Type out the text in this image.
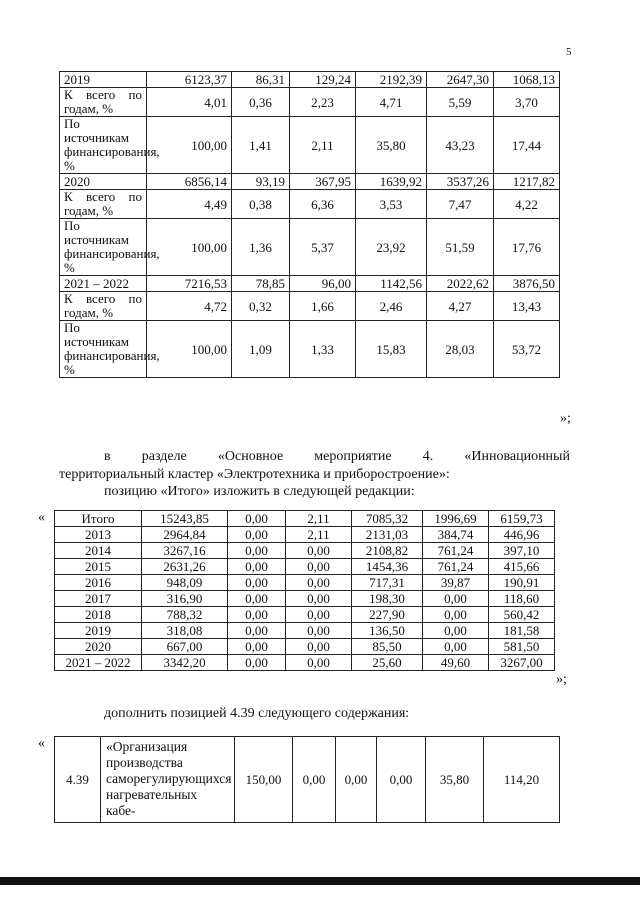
5
2019	6123,37	86,31	129,24	2192,39	2647,30	1068,13
К всего по годам, %	4,01	0,36	2,23	4,71	5,59	3,70
По источникам финансирования, %	100,00	1,41	2,11	35,80	43,23	17,44
2020	6856,14	93,19	367,95	1639,92	3537,26	1217,82
К всего по годам, %	4,49	0,38	6,36	3,53	7,47	4,22
По источникам финансирования, %	100,00	1,36	5,37	23,92	51,59	17,76
2021 – 2022	7216,53	78,85	96,00	1142,56	2022,62	3876,50
К всего по годам, %	4,72	0,32	1,66	2,46	4,27	13,43
По источникам финансирования, %	100,00	1,09	1,33	15,83	28,03	53,72
»;
в разделе «Основное мероприятие 4. «Инновационный
территориальный кластер «Электротехника и приборостроение»:
позицию «Итого» изложить в следующей редакции:
«	Итого	15243,85	0,00	2,11	7085,32	1996,69	6159,73
2013	2964,84	0,00	2,11	2131,03	384,74	446,96
2014	3267,16	0,00	0,00	2108,82	761,24	397,10
2015	2631,26	0,00	0,00	1454,36	761,24	415,66
2016	948,09	0,00	0,00	717,31	39,87	190,91
2017	316,90	0,00	0,00	198,30	0,00	118,60
2018	788,32	0,00	0,00	227,90	0,00	560,42
2019	318,08	0,00	0,00	136,50	0,00	181,58
2020	667,00	0,00	0,00	85,50	0,00	581,50
2021 – 2022	3342,20	0,00	0,00	25,60	49,60	3267,00
»;
дополнить позицией 4.39 следующего содержания:
«
4.39	«Организация производства саморегулирующихся нагревательных кабе-	150,00	0,00	0,00	0,00	35,80	114,20
